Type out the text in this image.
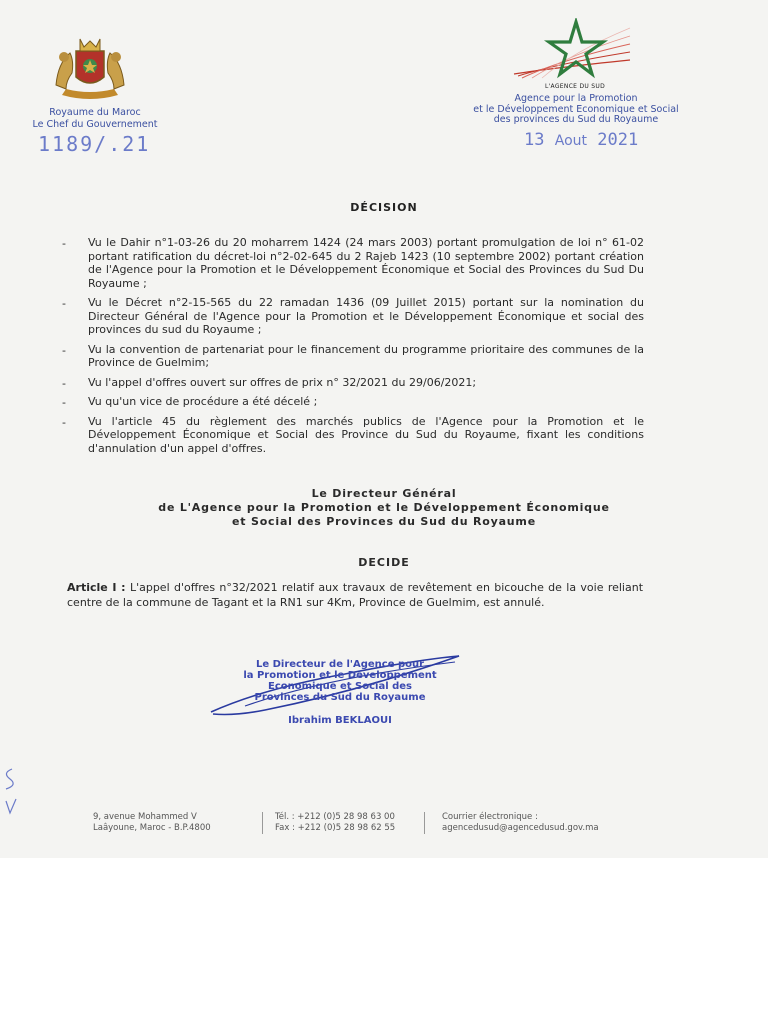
Royaume du Maroc
Le Chef du Gouvernement
1189/.21
L'AGENCE DU SUD
Agence pour la Promotion
et le Développement Economique et Social
des provinces du Sud du Royaume
13 Aout 2021
DÉCISION
- Vu le Dahir n°1-03-26 du 20 moharrem 1424 (24 mars 2003) portant promulgation de loi n° 61-02 portant ratification du décret-loi n°2-02-645 du 2 Rajeb 1423 (10 septembre 2002) portant création de l'Agence pour la Promotion et le Développement Économique et Social des Provinces du Sud Du Royaume ;
- Vu le Décret n°2-15-565 du 22 ramadan 1436 (09 Juillet 2015) portant sur la nomination du Directeur Général de l'Agence pour la Promotion et le Développement Économique et social des provinces du sud du Royaume ;
- Vu la convention de partenariat pour le financement du programme prioritaire des communes de la Province de Guelmim;
- Vu l'appel d'offres ouvert sur offres de prix n° 32/2021 du 29/06/2021;
- Vu qu'un vice de procédure a été décelé ;
- Vu l'article 45 du règlement des marchés publics de l'Agence pour la Promotion et le Développement Économique et Social des Province du Sud du Royaume, fixant les conditions d'annulation d'un appel d'offres.
Le Directeur Général
de L'Agence pour la Promotion et le Développement Économique
et Social des Provinces du Sud du Royaume
DECIDE
Article I : L'appel d'offres n°32/2021 relatif aux travaux de revêtement en bicouche de la voie reliant centre de la commune de Tagant et la RN1 sur 4Km, Province de Guelmim, est annulé.
Le Directeur de l'Agence pour
la Promotion et le Développement
Economique et Social des
Provinces du Sud du Royaume
Ibrahim BEKLAOUI
9, avenue Mohammed V
Laâyoune, Maroc - B.P.4800
Tél. : +212 (0)5 28 98 63 00
Fax : +212 (0)5 28 98 62 55
Courrier électronique :
agencedusud@agencedusud.gov.ma
